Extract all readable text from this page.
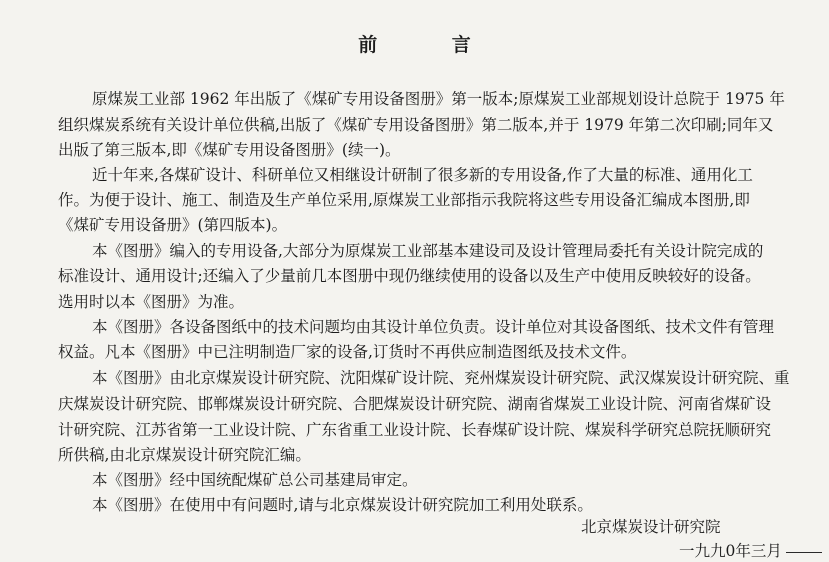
前 言
原煤炭工业部 1962 年出版了《煤矿专用设备图册》第一版本;原煤炭工业部规划设计总院于 1975 年
组织煤炭系统有关设计单位供稿,出版了《煤矿专用设备图册》第二版本,并于 1979 年第二次印刷;同年又
出版了第三版本,即《煤矿专用设备图册》(续一)。
近十年来,各煤矿设计、科研单位又相继设计研制了很多新的专用设备,作了大量的标准、通用化工
作。为便于设计、施工、制造及生产单位采用,原煤炭工业部指示我院将这些专用设备汇编成本图册,即
《煤矿专用设备册》(第四版本)。
本《图册》编入的专用设备,大部分为原煤炭工业部基本建设司及设计管理局委托有关设计院完成的
标准设计、通用设计;还编入了少量前几本图册中现仍继续使用的设备以及生产中使用反映较好的设备。
选用时以本《图册》为准。
本《图册》各设备图纸中的技术问题均由其设计单位负责。设计单位对其设备图纸、技术文件有管理
权益。凡本《图册》中已注明制造厂家的设备,订货时不再供应制造图纸及技术文件。
本《图册》由北京煤炭设计研究院、沈阳煤矿设计院、兖州煤炭设计研究院、武汉煤炭设计研究院、重
庆煤炭设计研究院、邯郸煤炭设计研究院、合肥煤炭设计研究院、湖南省煤炭工业设计院、河南省煤矿设
计研究院、江苏省第一工业设计院、广东省重工业设计院、长春煤矿设计院、煤炭科学研究总院抚顺研究
所供稿,由北京煤炭设计研究院汇编。
本《图册》经中国统配煤矿总公司基建局审定。
本《图册》在使用中有问题时,请与北京煤炭设计研究院加工利用处联系。
北京煤炭设计研究院
一九九0年三月
